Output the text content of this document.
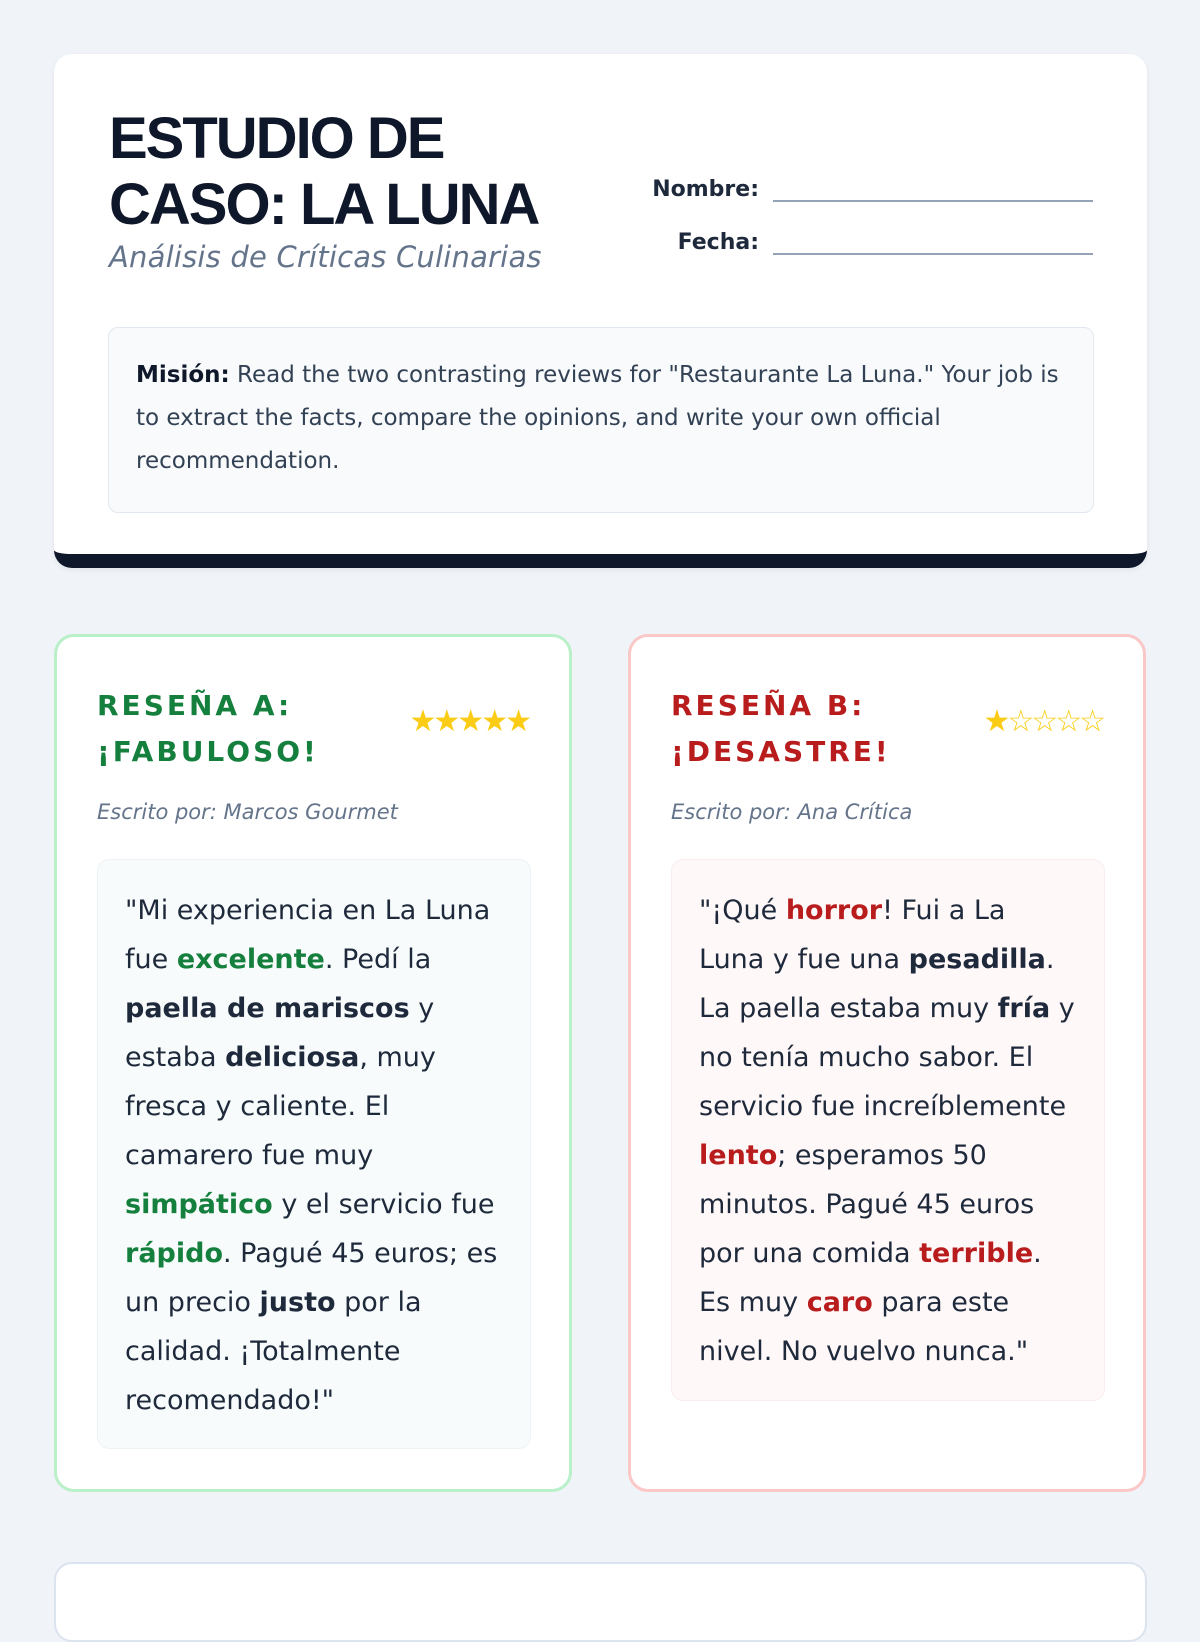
ESTUDIO DE CASO: LA LUNA
Análisis de Críticas Culinarias
Nombre:
Fecha:
Misión: Read the two contrasting reviews for "Restaurante La Luna." Your job is to extract the facts, compare the opinions, and write your own official recommendation.
RESEÑA A: ¡FABULOSO!
★★★★★
Escrito por: Marcos Gourmet
"Mi experiencia en La Luna fue excelente. Pedí la paella de mariscos y estaba deliciosa, muy fresca y caliente. El camarero fue muy simpático y el servicio fue rápido. Pagué 45 euros; es un precio justo por la calidad. ¡Totalmente recomendado!"
RESEÑA B: ¡DESASTRE!
★☆☆☆☆
Escrito por: Ana Crítica
"¡Qué horror! Fui a La Luna y fue una pesadilla. La paella estaba muy fría y no tenía mucho sabor. El servicio fue increíblemente lento; esperamos 50 minutos. Pagué 45 euros por una comida terrible. Es muy caro para este nivel. No vuelvo nunca."
